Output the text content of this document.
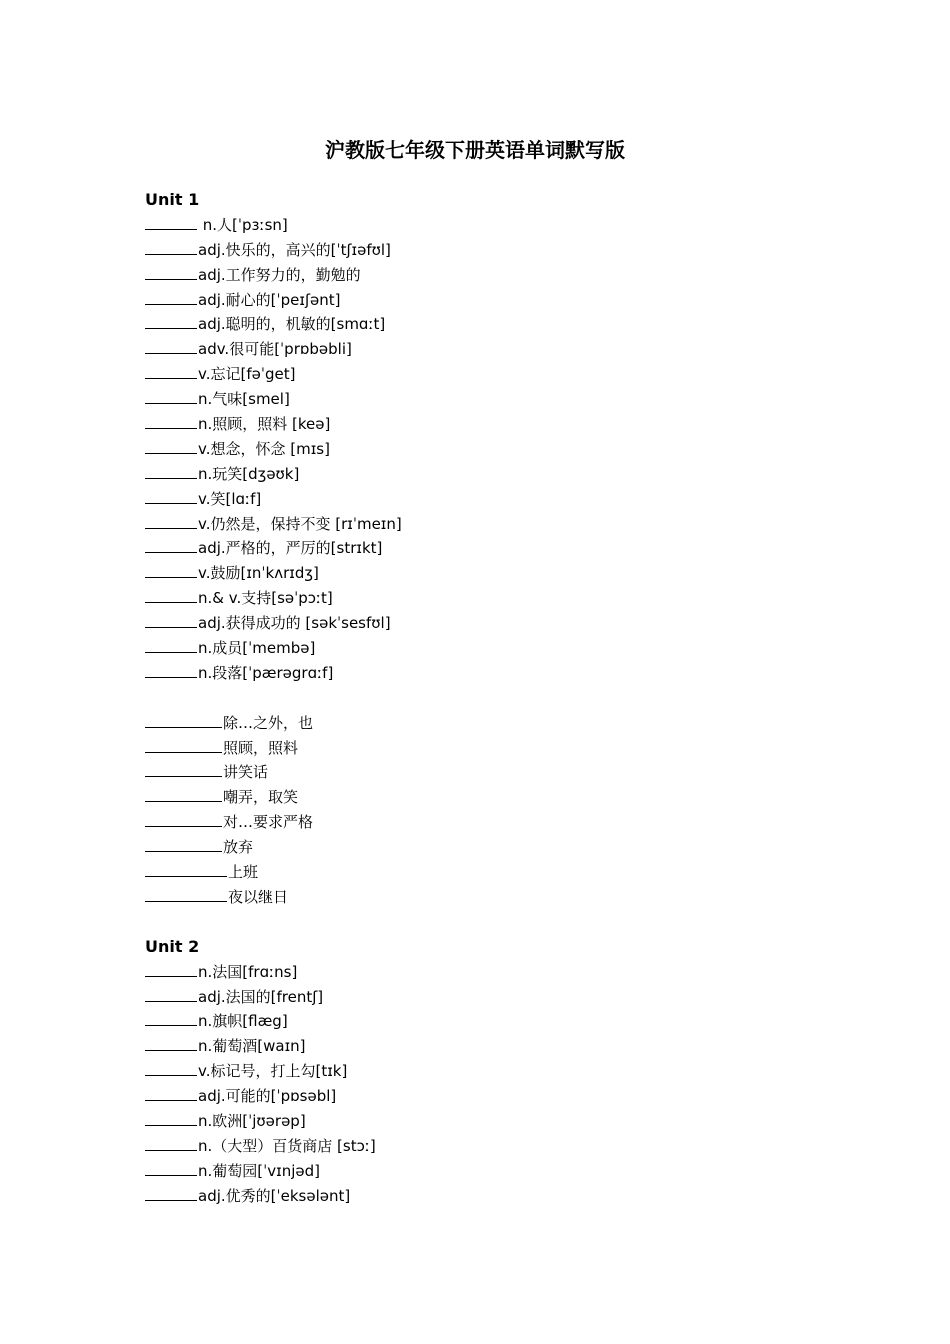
沪教版七年级下册英语单词默写版
Unit 1
n.人[ˈpɜːsn]
adj.快乐的，高兴的[ˈtʃɪəfʊl]
adj.工作努力的，勤勉的
adj.耐心的[ˈpeɪʃənt]
adj.聪明的，机敏的[smɑːt]
adv.很可能[ˈprɒbəbli]
v.忘记[fəˈget]
n.气味[smel]
n.照顾，照料 [keə]
v.想念，怀念 [mɪs]
n.玩笑[dʒəʊk]
v.笑[lɑːf]
v.仍然是，保持不变 [rɪˈmeɪn]
adj.严格的，严厉的[strɪkt]
v.鼓励[ɪnˈkʌrɪdʒ]
n.& v.支持[səˈpɔːt]
adj.获得成功的 [səkˈsesfʊl]
n.成员[ˈmembə]
n.段落[ˈpærəgrɑːf]
除…之外，也
照顾，照料
讲笑话
嘲弄，取笑
对…要求严格
放弃
上班
夜以继日
Unit 2
n.法国[frɑːns]
adj.法国的[frentʃ]
n.旗帜[flæg]
n.葡萄酒[waɪn]
v.标记号，打上勾[tɪk]
adj.可能的[ˈpɒsəbl]
n.欧洲[ˈjʊərəp]
n.（大型）百货商店 [stɔː]
n.葡萄园[ˈvɪnjəd]
adj.优秀的[ˈeksələnt]
